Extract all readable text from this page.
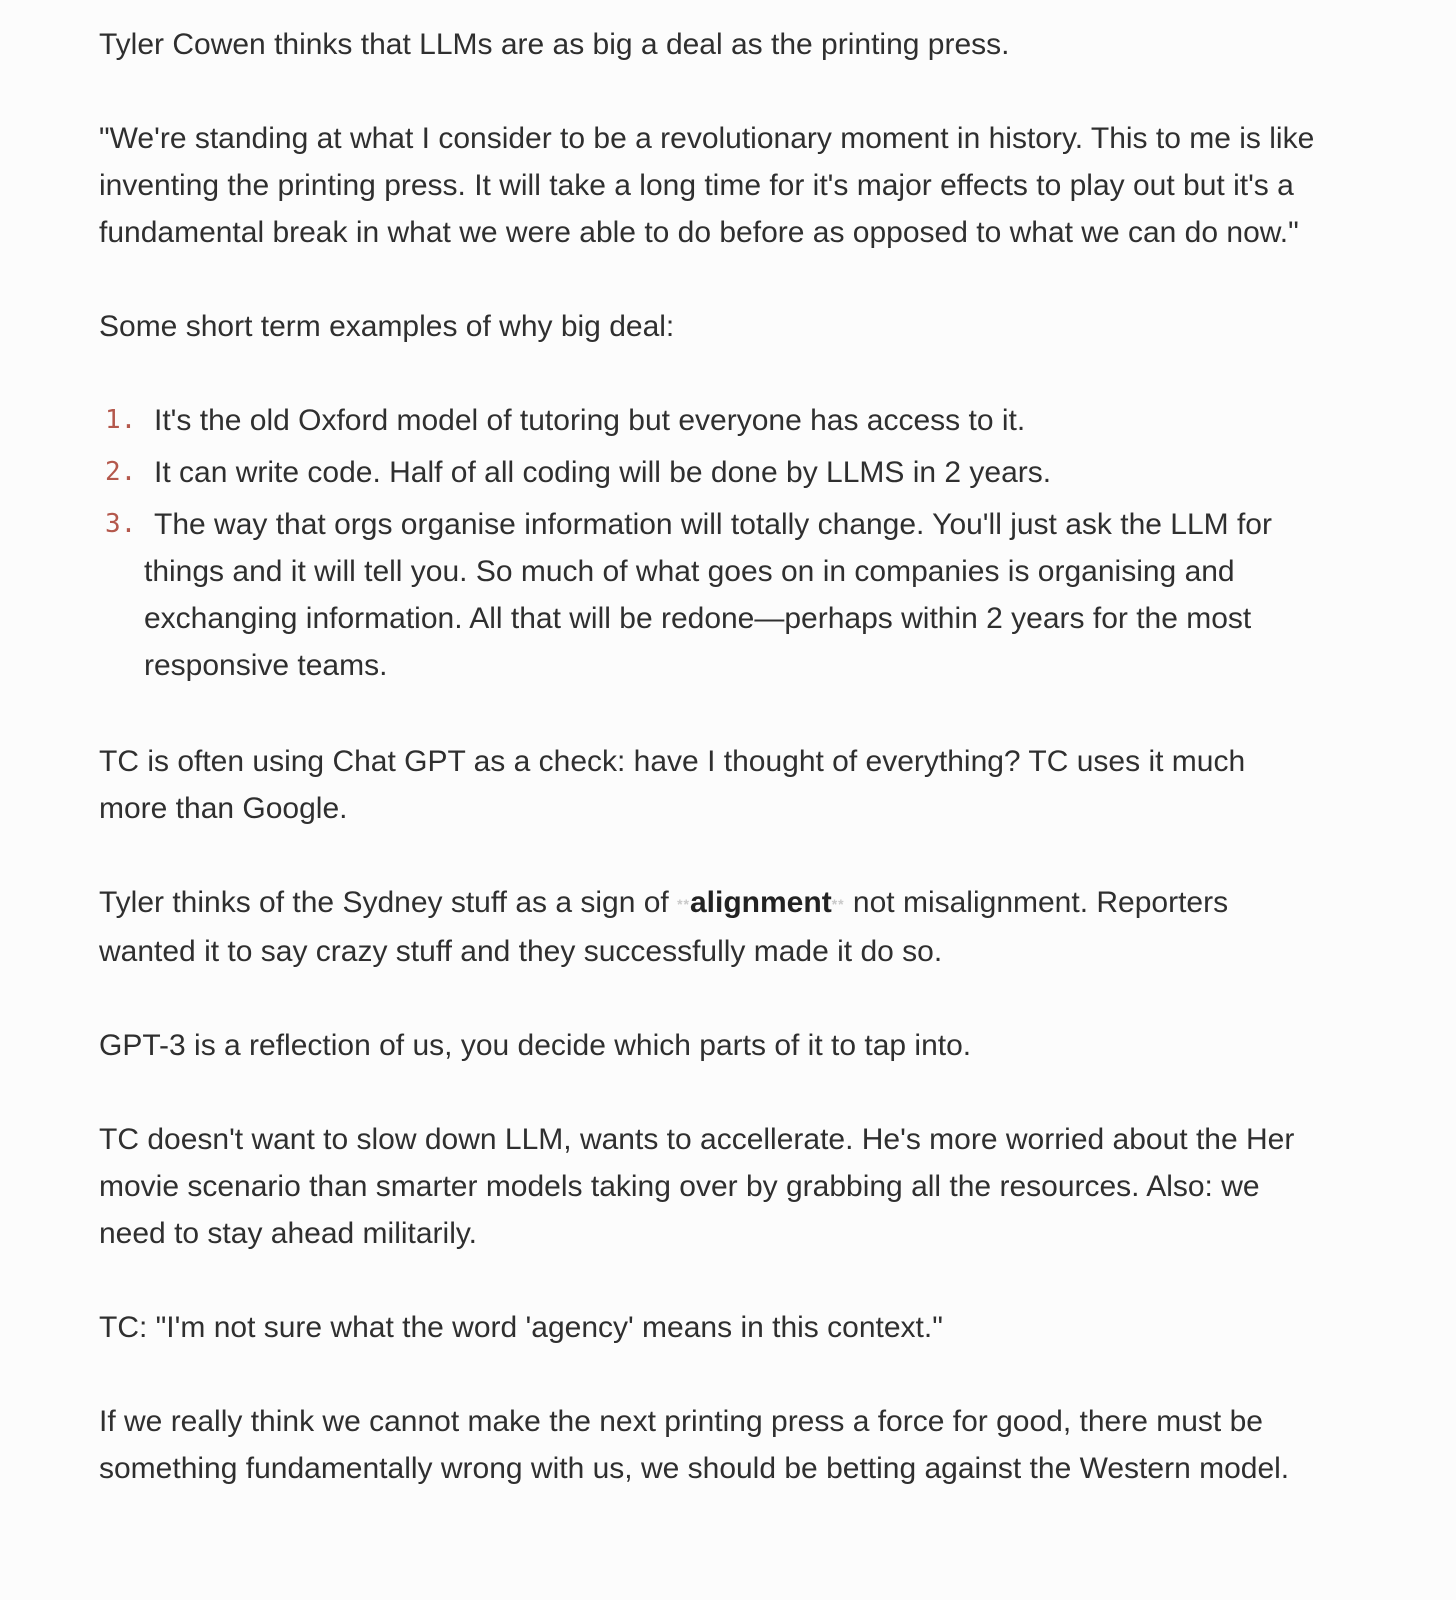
Tyler Cowen thinks that LLMs are as big a deal as the printing press.

"We're standing at what I consider to be a revolutionary moment in history. This to me is like inventing the printing press. It will take a long time for it's major effects to play out but it's a fundamental break in what we were able to do before as opposed to what we can do now."

Some short term examples of why big deal:

1. It's the old Oxford model of tutoring but everyone has access to it.
2. It can write code. Half of all coding will be done by LLMS in 2 years.
3. The way that orgs organise information will totally change. You'll just ask the LLM for things and it will tell you. So much of what goes on in companies is organising and exchanging information. All that will be redone—perhaps within 2 years for the most responsive teams.

TC is often using Chat GPT as a check: have I thought of everything? TC uses it much more than Google.

Tyler thinks of the Sydney stuff as a sign of **alignment** not misalignment. Reporters wanted it to say crazy stuff and they successfully made it do so.

GPT-3 is a reflection of us, you decide which parts of it to tap into.

TC doesn't want to slow down LLM, wants to accellerate. He's more worried about the Her movie scenario than smarter models taking over by grabbing all the resources. Also: we need to stay ahead militarily.

TC: "I'm not sure what the word 'agency' means in this context."

If we really think we cannot make the next printing press a force for good, there must be something fundamentally wrong with us, we should be betting against the Western model.
